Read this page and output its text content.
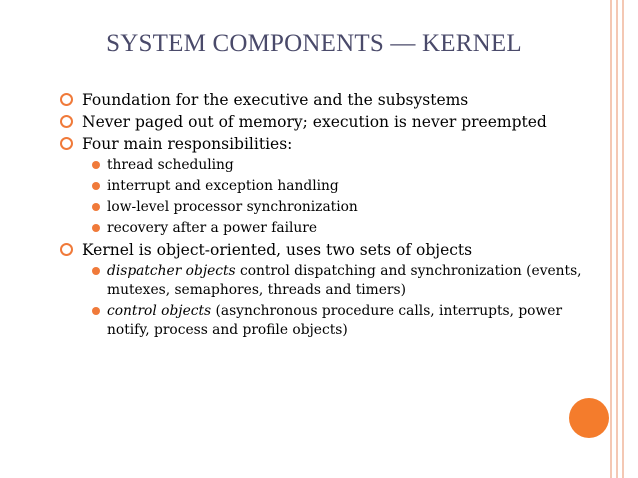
SYSTEM COMPONENTS — KERNEL
Foundation for the executive and the subsystems
Never paged out of memory; execution is never preempted
Four main responsibilities:
thread scheduling
interrupt and exception handling
low-level processor synchronization
recovery after a power failure
Kernel is object-oriented, uses two sets of objects
dispatcher objects control dispatching and synchronization (events, mutexes, semaphores, threads and timers)
control objects (asynchronous procedure calls, interrupts, power notify, process and profile objects)
